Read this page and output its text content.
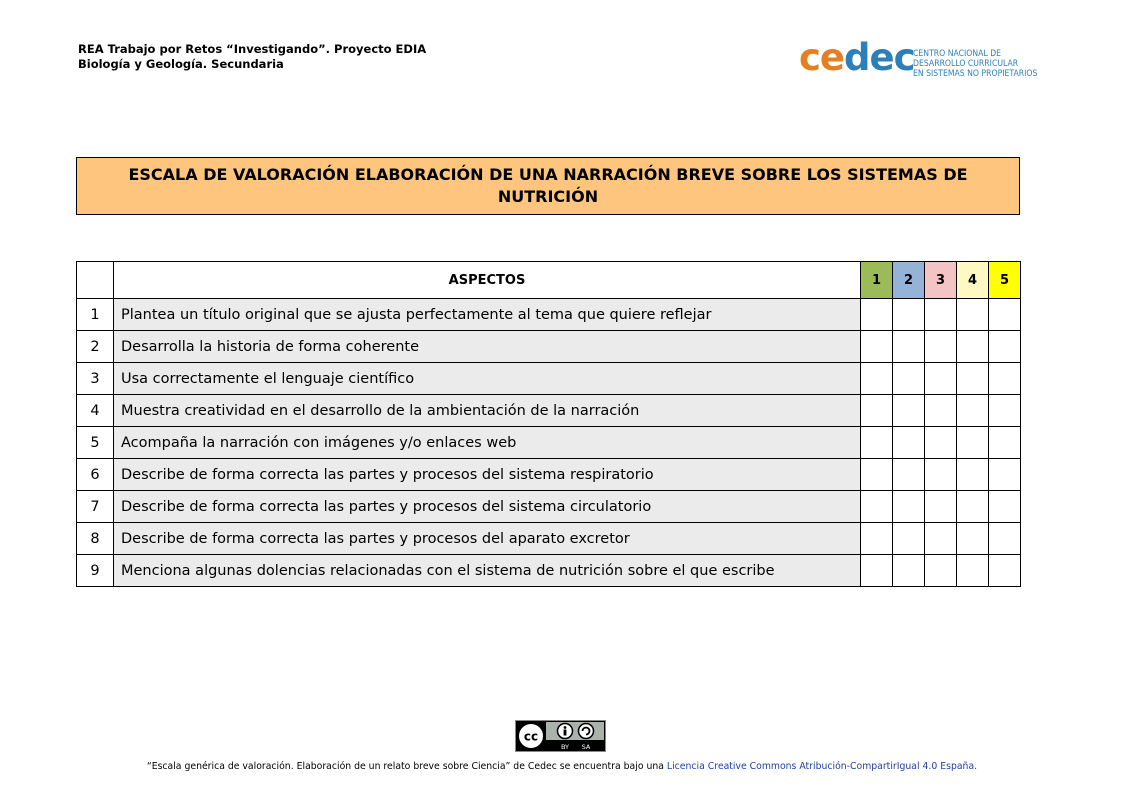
REA Trabajo por Retos “Investigando”. Proyecto EDIA
Biología y Geología. Secundaria	cedec
CENTRO NACIONAL DE
DESARROLLO CURRICULAR
EN SISTEMAS NO PROPIETARIOS
ESCALA DE VALORACIÓN ELABORACIÓN DE UNA NARRACIÓN BREVE SOBRE LOS SISTEMAS DE NUTRICIÓN
	ASPECTOS	1	2	3	4	5
1	Plantea un título original que se ajusta perfectamente al tema que quiere reflejar					
2	Desarrolla la historia de forma coherente					
3	Usa correctamente el lenguaje científico					
4	Muestra creatividad en el desarrollo de la ambientación de la narración					
5	Acompaña la narración con imágenes y/o enlaces web					
6	Describe de forma correcta las partes y procesos del sistema respiratorio					
7	Describe de forma correcta las partes y procesos del sistema circulatorio					
8	Describe de forma correcta las partes y procesos del aparato excretor					
9	Menciona algunas dolencias relacionadas con el sistema de nutrición sobre el que escribe					
cc
BY SA
“Escala genérica de valoración. Elaboración de un relato breve sobre Ciencia” de Cedec se encuentra bajo una Licencia Creative Commons Atribución-CompartirIgual 4.0 España.
